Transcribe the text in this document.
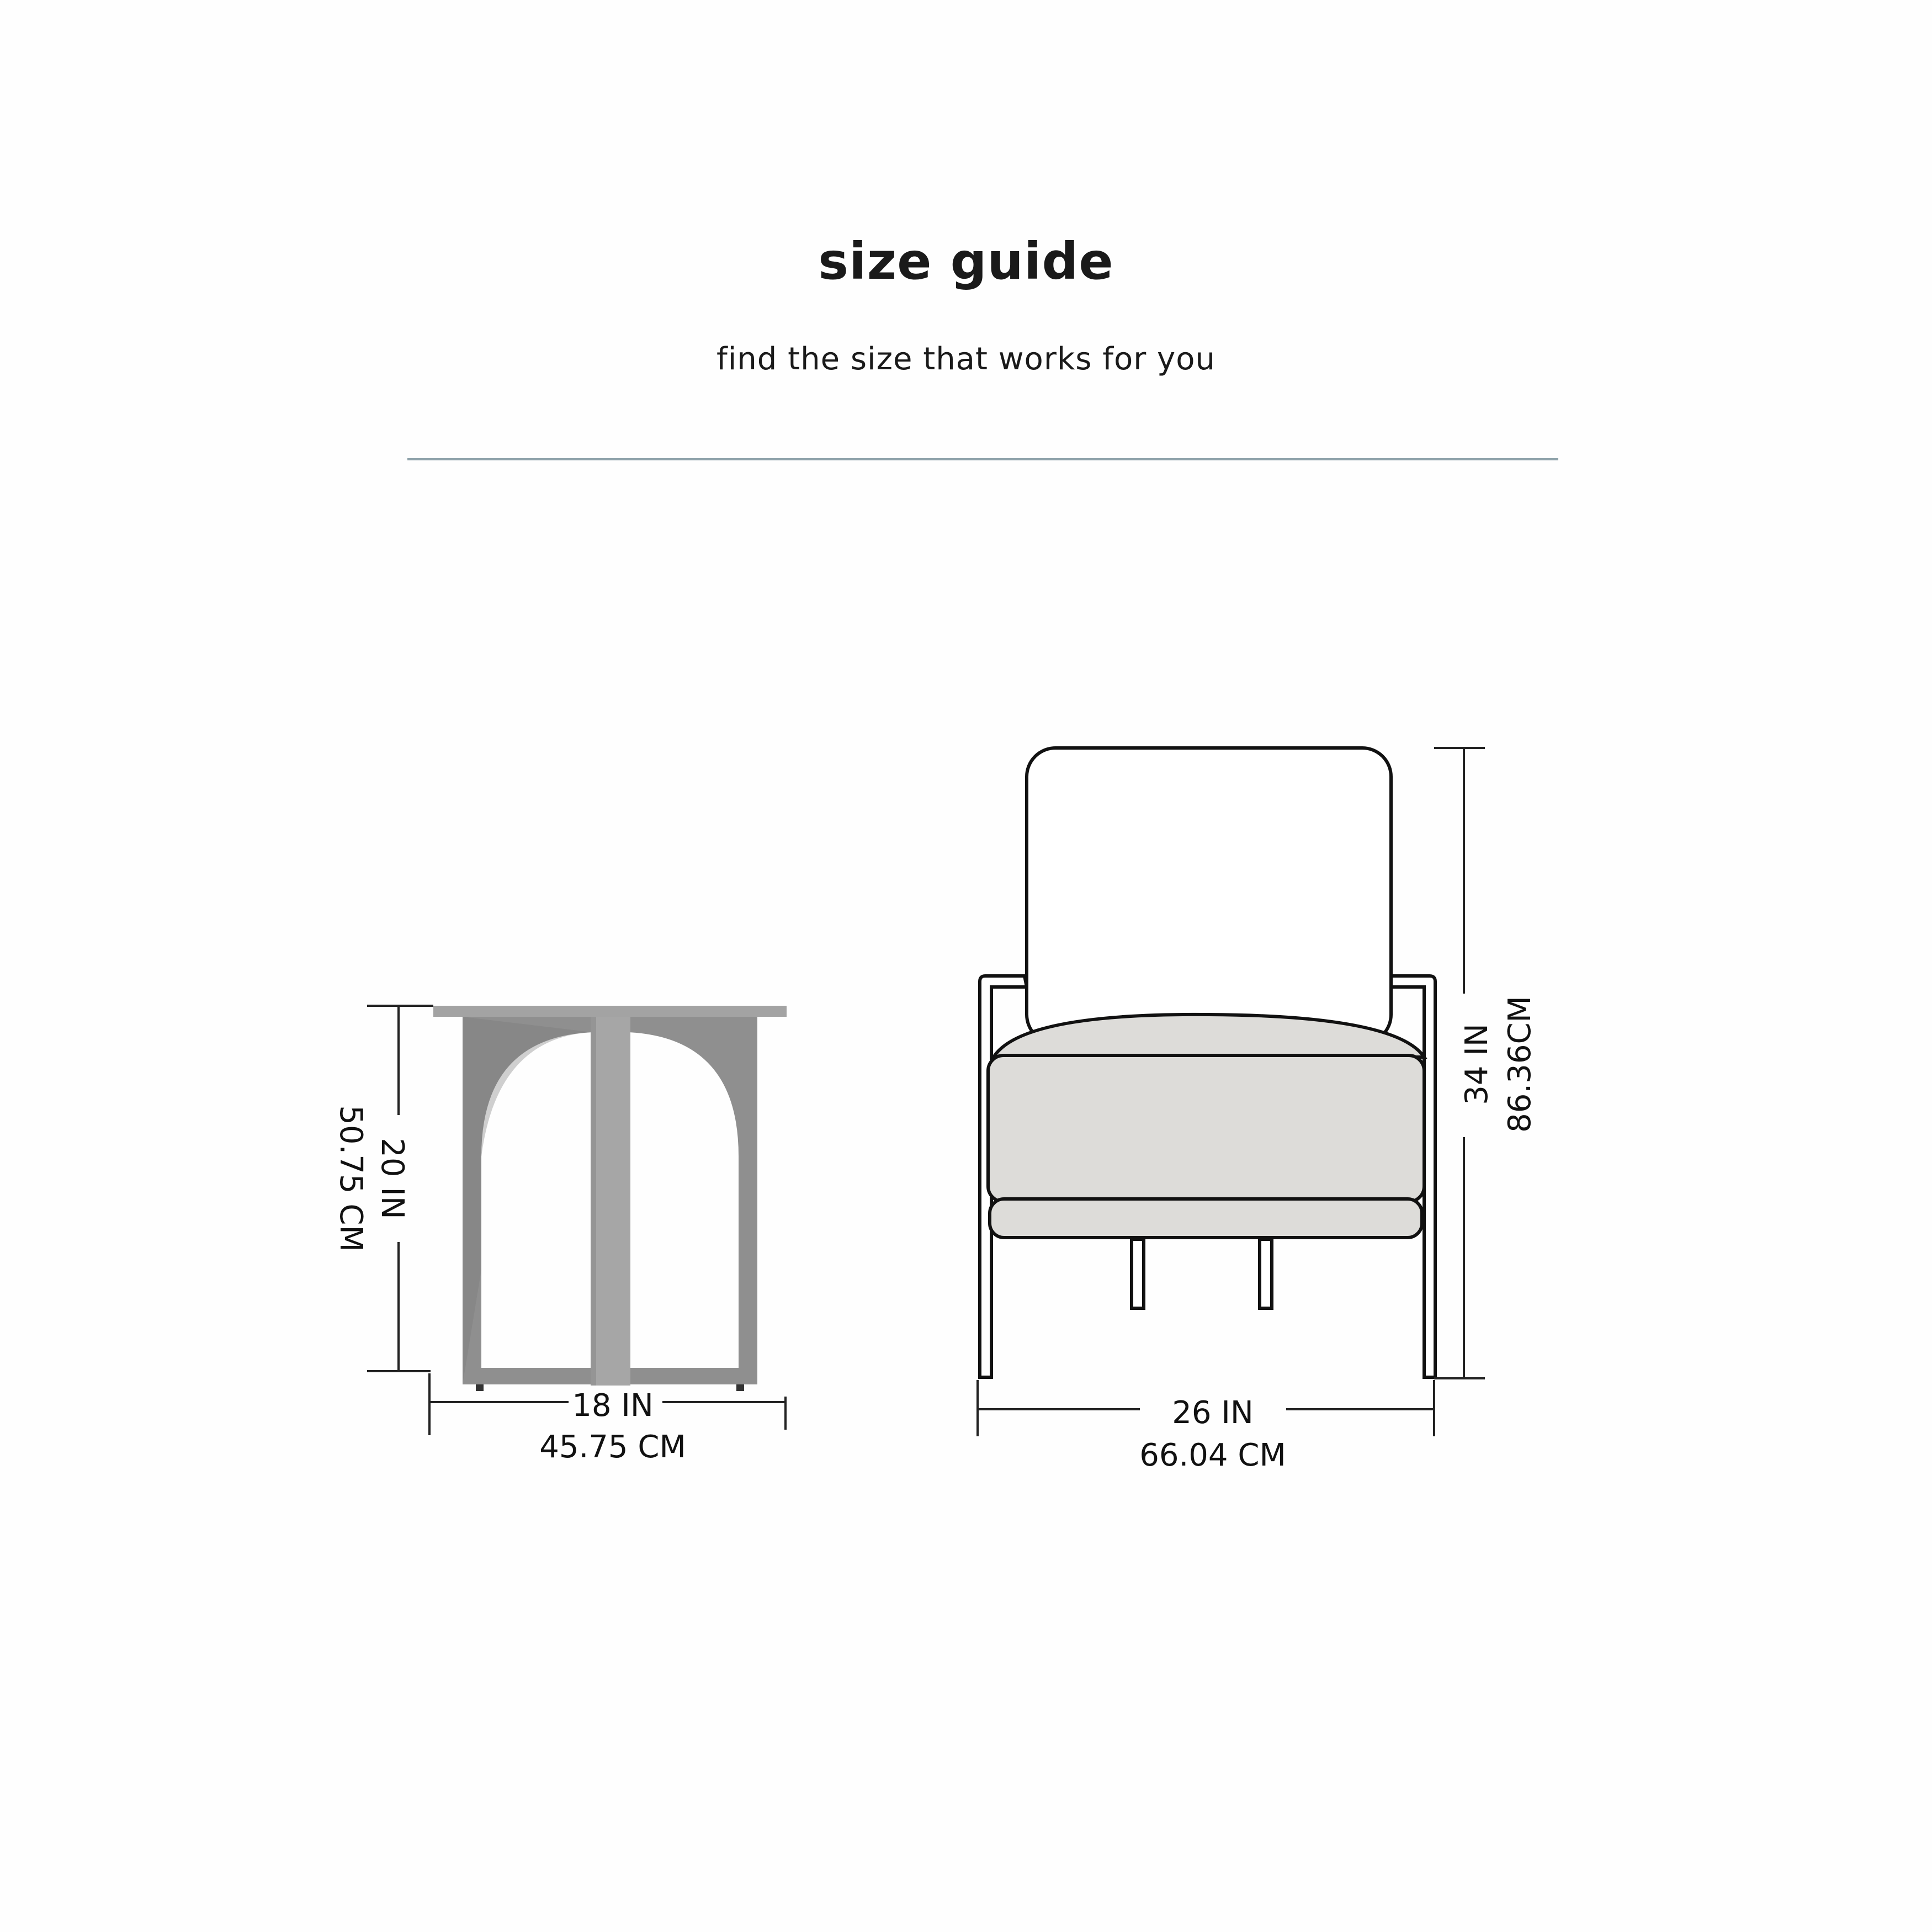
size guide

find the size that works for you

20 IN
50.75 CM
18 IN
45.75 CM
34 IN 86.36CM
26 IN
66.04 CM
